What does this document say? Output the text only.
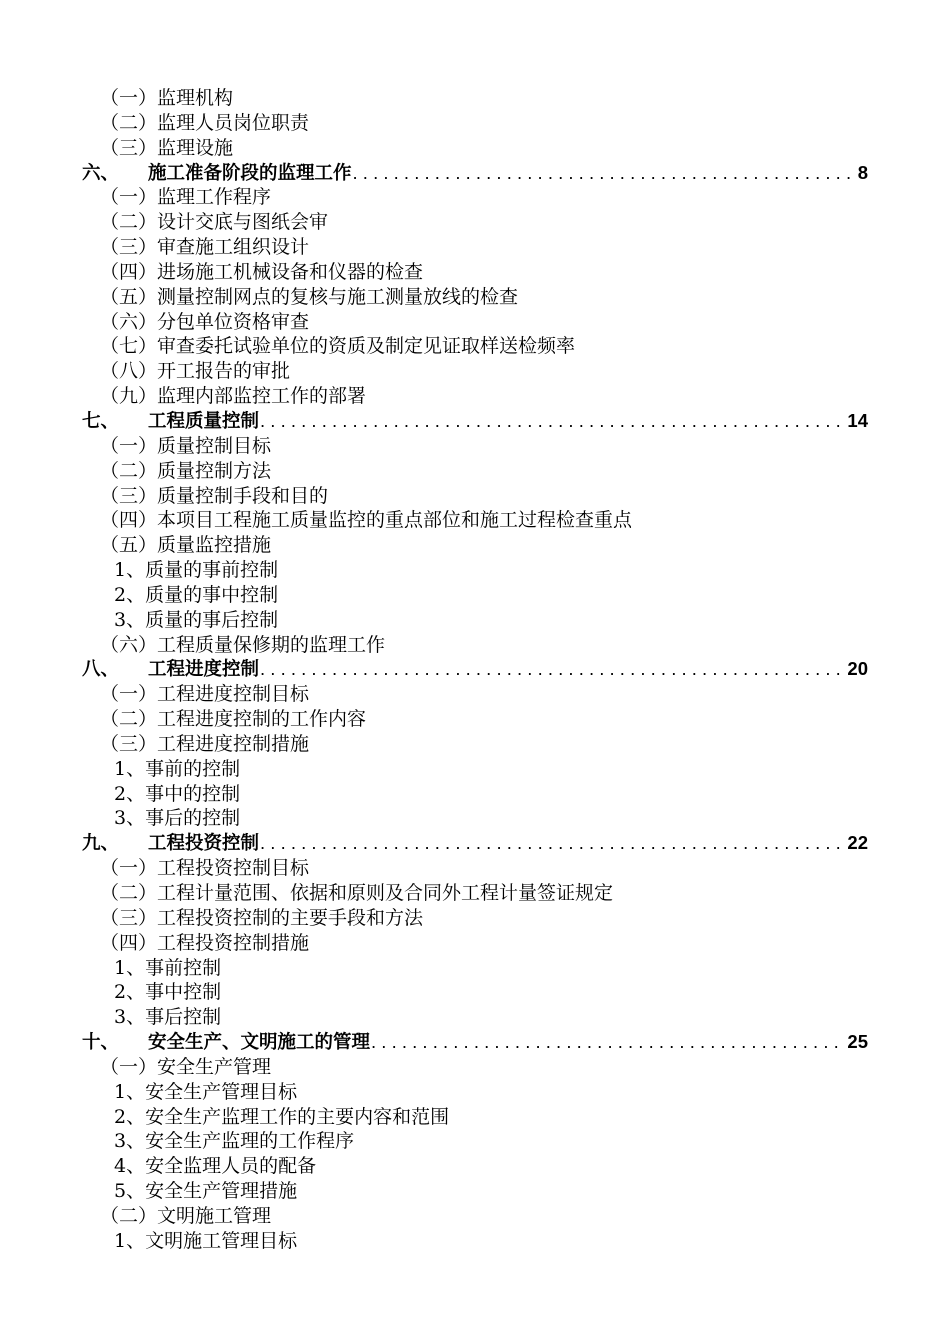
（一）监理机构
（二）监理人员岗位职责
（三）监理设施
六、	施工准备阶段的监理工作 . . .	8
（一）监理工作程序
（二）设计交底与图纸会审
（三）审查施工组织设计
（四）进场施工机械设备和仪器的检查
（五）测量控制网点的复核与施工测量放线的检查
（六）分包单位资格审查
（七）审查委托试验单位的资质及制定见证取样送检频率
（八）开工报告的审批
（九）监理内部监控工作的部署
七、	工程质量控制 . . .	14
（一）质量控制目标
（二）质量控制方法
（三）质量控制手段和目的
（四）本项目工程施工质量监控的重点部位和施工过程检查重点
（五）质量监控措施
1、质量的事前控制
2、质量的事中控制
3、质量的事后控制
（六）工程质量保修期的监理工作
八、	工程进度控制 . . .	20
（一）工程进度控制目标
（二）工程进度控制的工作内容
（三）工程进度控制措施
1、事前的控制
2、事中的控制
3、事后的控制
九、	工程投资控制 . . .	22
（一）工程投资控制目标
（二）工程计量范围、依据和原则及合同外工程计量签证规定
（三）工程投资控制的主要手段和方法
（四）工程投资控制措施
1、事前控制
2、事中控制
3、事后控制
十、	安全生产、文明施工的管理 . . .	25
（一）安全生产管理
1、安全生产管理目标
2、安全生产监理工作的主要内容和范围
3、安全生产监理的工作程序
4、安全监理人员的配备
5、安全生产管理措施
（二）文明施工管理
1、文明施工管理目标
